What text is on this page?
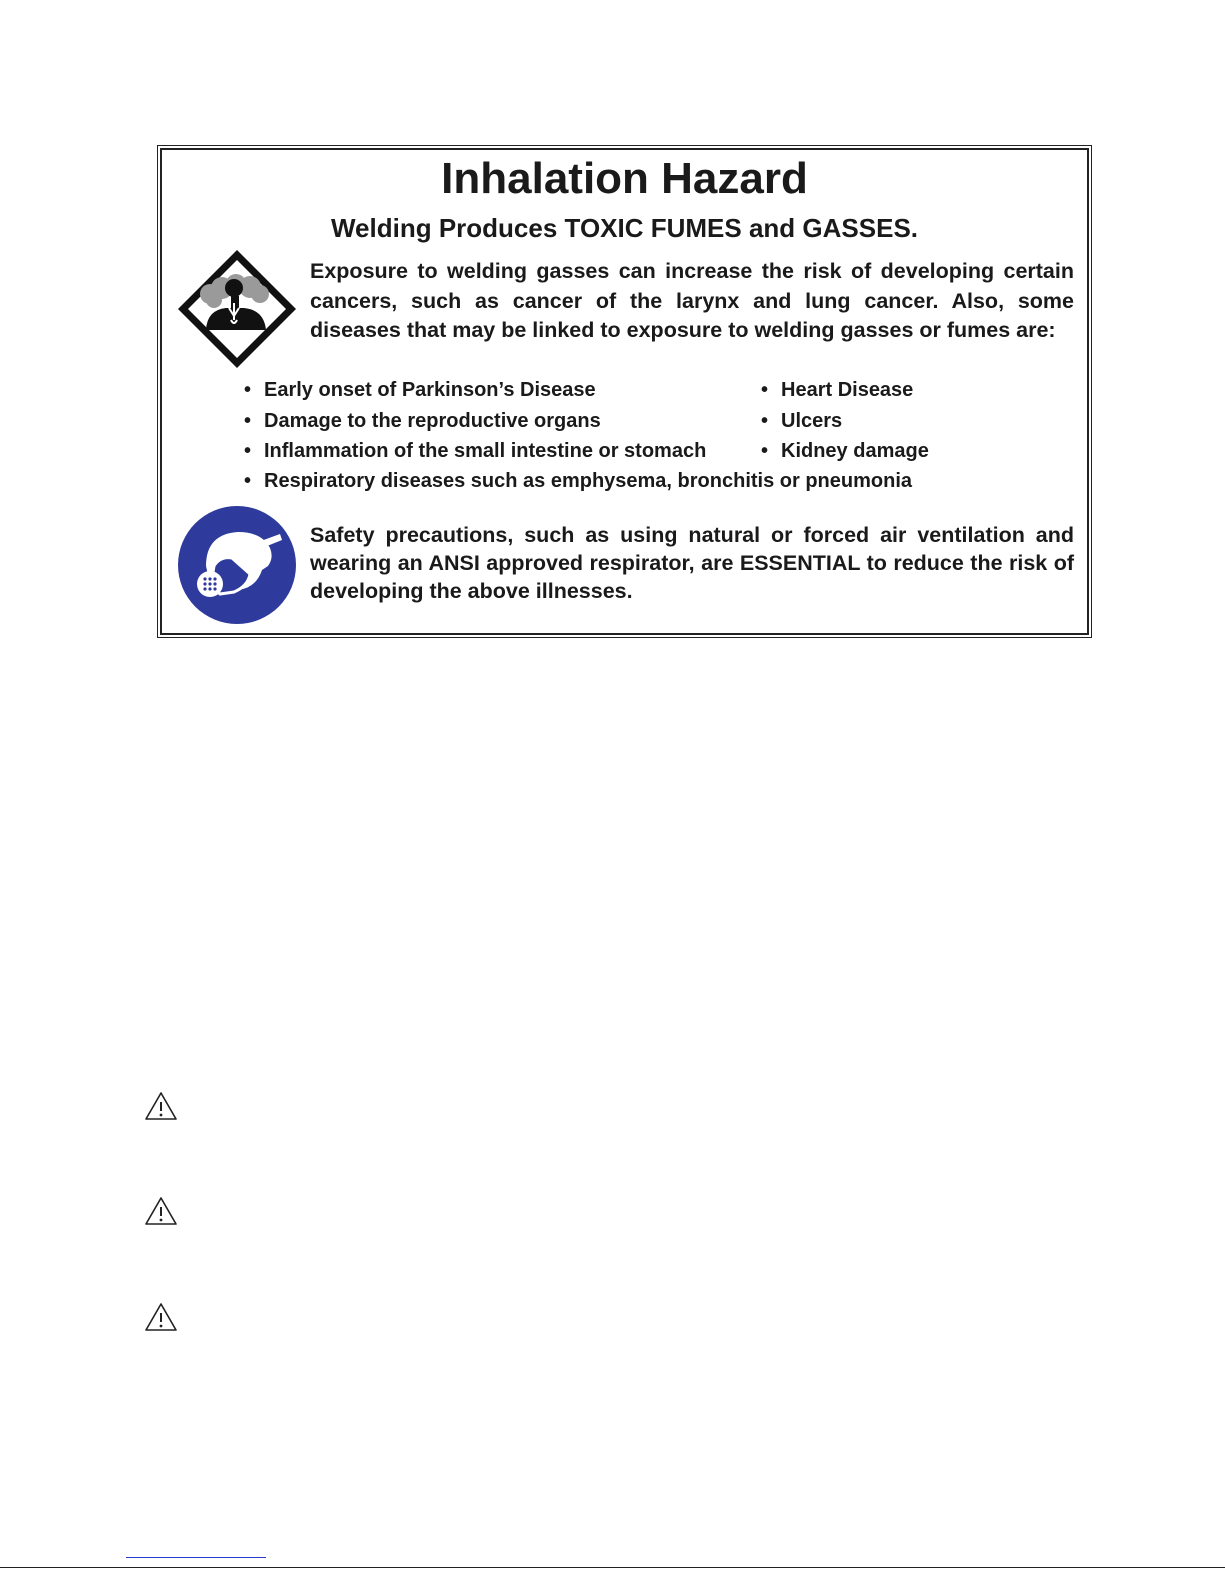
Inhalation Hazard
Welding Produces TOXIC FUMES and GASSES.
Exposure to welding gasses can increase the risk of developing certain cancers, such as cancer of the larynx and lung cancer. Also, some diseases that may be linked to exposure to welding gasses or fumes are:
• Early onset of Parkinson’s Disease
• Damage to the reproductive organs
• Inflammation of the small intestine or stomach
• Respiratory diseases such as emphysema, bronchitis or pneumonia
• Heart Disease
• Ulcers
• Kidney damage
Safety precautions, such as using natural or forced air ventilation and wearing an ANSI approved respirator, are ESSENTIAL to reduce the risk of developing the above illnesses.
